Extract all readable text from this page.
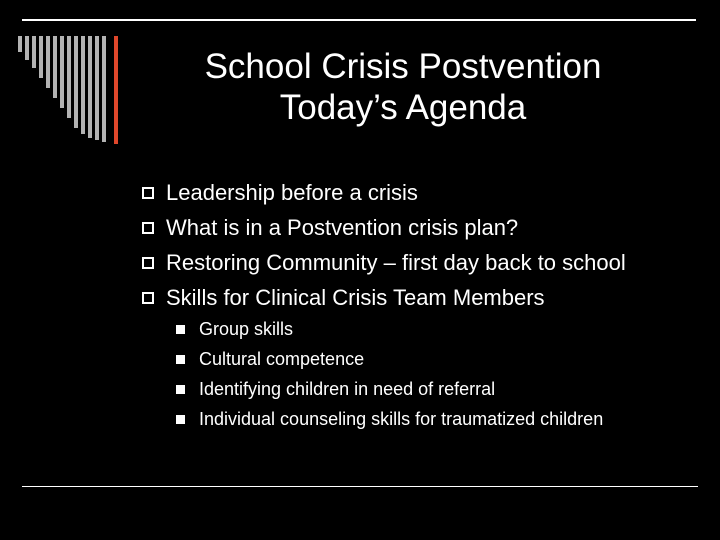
School Crisis Postvention
Today’s Agenda
Leadership before a crisis
What is in a Postvention crisis plan?
Restoring Community – first day back to school
Skills for Clinical Crisis Team Members
Group skills
Cultural competence
Identifying children in need of referral
Individual counseling skills for traumatized children
